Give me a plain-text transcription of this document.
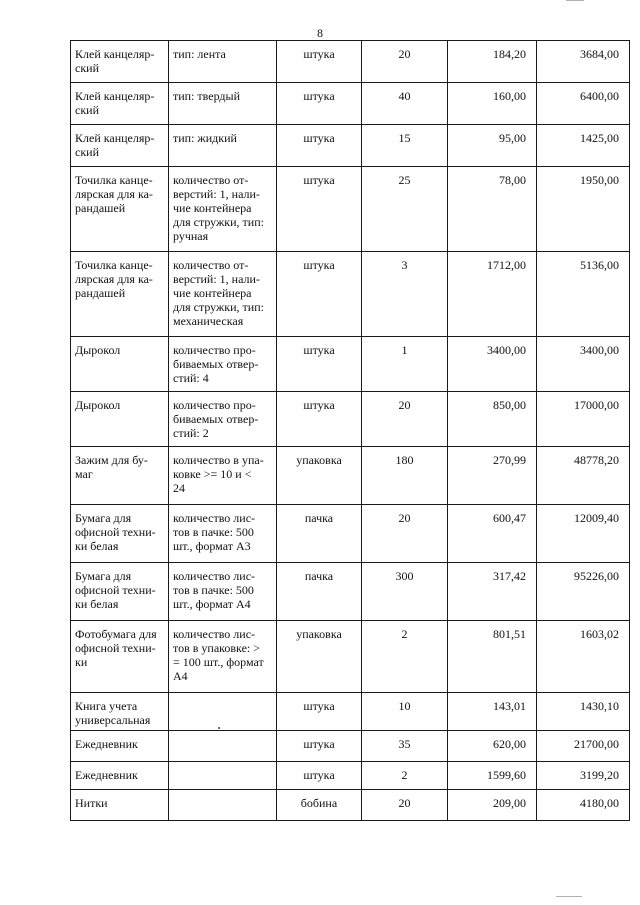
8
Клей канцеляр-
ский	тип: лента	штука	20	184,20	3684,00

Клей канцеляр-
ский	тип: твердый	штука	40	160,00	6400,00

Клей канцеляр-
ский	тип: жидкий	штука	15	95,00	1425,00

Точилка канце-
лярская для ка-
рандашей	количество от-
верстий: 1, нали-
чие контейнера
для стружки, тип:
ручная	штука	25	78,00	1950,00

Точилка канце-
лярская для ка-
рандашей	количество от-
верстий: 1, нали-
чие контейнера
для стружки, тип:
механическая	штука	3	1712,00	5136,00

Дырокол	количество про-
биваемых отвер-
стий: 4	штука	1	3400,00	3400,00

Дырокол	количество про-
биваемых отвер-
стий: 2	штука	20	850,00	17000,00

Зажим для бу-
маг	количество в упа-
ковке >= 10 и <
24	упаковка	180	270,99	48778,20

Бумага для
офисной техни-
ки белая	количество лис-
тов в пачке: 500
шт., формат А3	пачка	20	600,47	12009,40

Бумага для
офисной техни-
ки белая	количество лис-
тов в пачке: 500
шт., формат А4	пачка	300	317,42	95226,00

Фотобумага для
офисной техни-
ки	количество лис-
тов в упаковке: >
= 100 шт., формат
А4	упаковка	2	801,51	1603,02

Книга учета
универсальная		штука	10	143,01	1430,10

Ежедневник		штука	35	620,00	21700,00

Ежедневник		штука	2	1599,60	3199,20

Нитки		бобина	20	209,00	4180,00
